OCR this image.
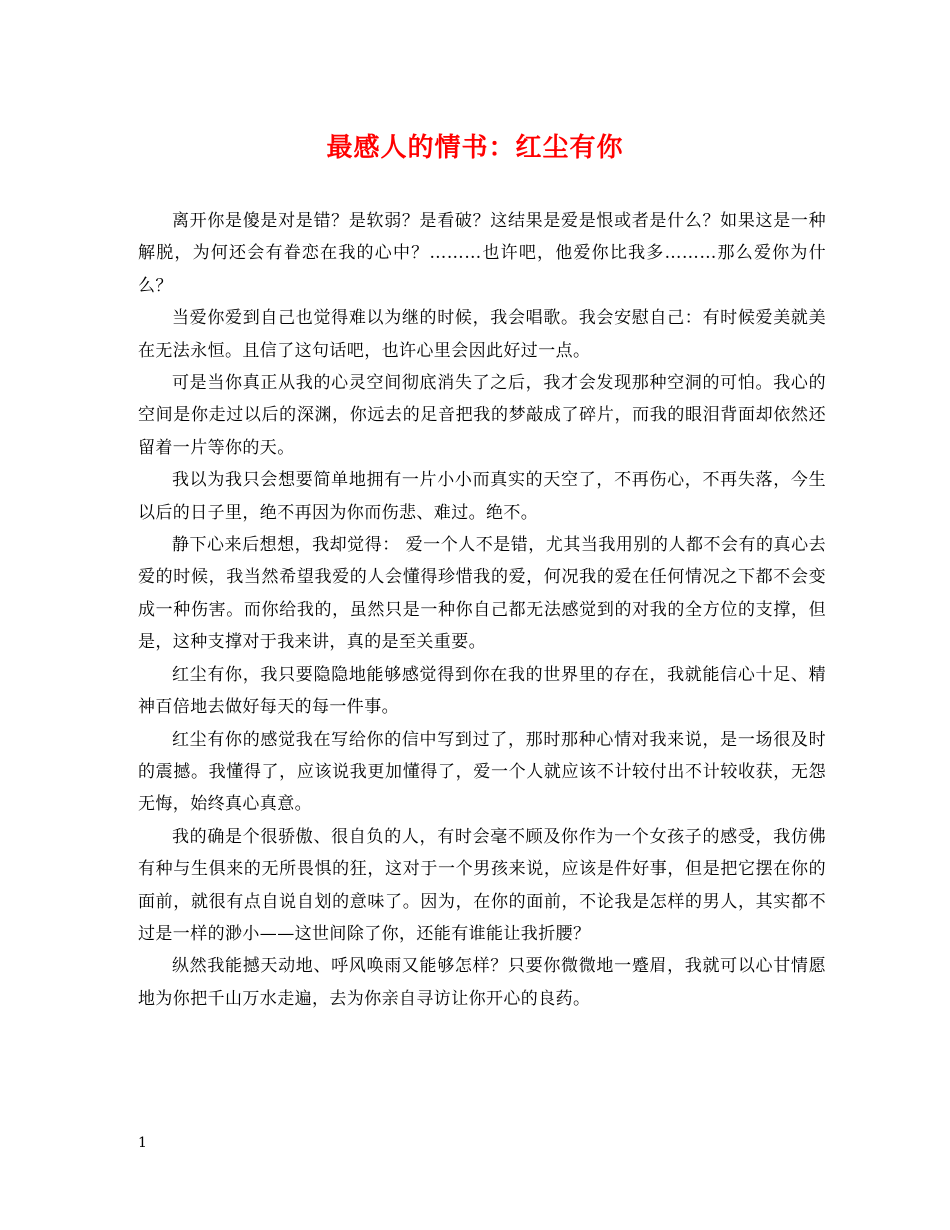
最感人的情书：红尘有你

离开你是傻是对是错？是软弱？是看破？这结果是爱是恨或者是什么？如果这是一种解脱，为何还会有眷恋在我的心中？………也许吧，他爱你比我多………那么爱你为什么？

当爱你爱到自己也觉得难以为继的时候，我会唱歌。我会安慰自己：有时候爱美就美在无法永恒。且信了这句话吧，也许心里会因此好过一点。

可是当你真正从我的心灵空间彻底消失了之后，我才会发现那种空洞的可怕。我心的空间是你走过以后的深渊，你远去的足音把我的梦敲成了碎片，而我的眼泪背面却依然还留着一片等你的天。

我以为我只会想要简单地拥有一片小小而真实的天空了，不再伤心，不再失落，今生以后的日子里，绝不再因为你而伤悲、难过。绝不。

静下心来后想想，我却觉得： 爱一个人不是错，尤其当我用别的人都不会有的真心去爱的时候，我当然希望我爱的人会懂得珍惜我的爱，何况我的爱在任何情况之下都不会变成一种伤害。而你给我的，虽然只是一种你自己都无法感觉到的对我的全方位的支撑，但是，这种支撑对于我来讲，真的是至关重要。

红尘有你，我只要隐隐地能够感觉得到你在我的世界里的存在，我就能信心十足、精神百倍地去做好每天的每一件事。

红尘有你的感觉我在写给你的信中写到过了，那时那种心情对我来说，是一场很及时的震撼。我懂得了，应该说我更加懂得了，爱一个人就应该不计较付出不计较收获，无怨无悔，始终真心真意。

我的确是个很骄傲、很自负的人，有时会毫不顾及你作为一个女孩子的感受，我仿佛有种与生俱来的无所畏惧的狂，这对于一个男孩来说，应该是件好事，但是把它摆在你的面前，就很有点自说自划的意味了。因为，在你的面前，不论我是怎样的男人，其实都不过是一样的渺小——这世间除了你，还能有谁能让我折腰？

纵然我能撼天动地、呼风唤雨又能够怎样？只要你微微地一蹙眉，我就可以心甘情愿地为你把千山万水走遍，去为你亲自寻访让你开心的良药。

1
